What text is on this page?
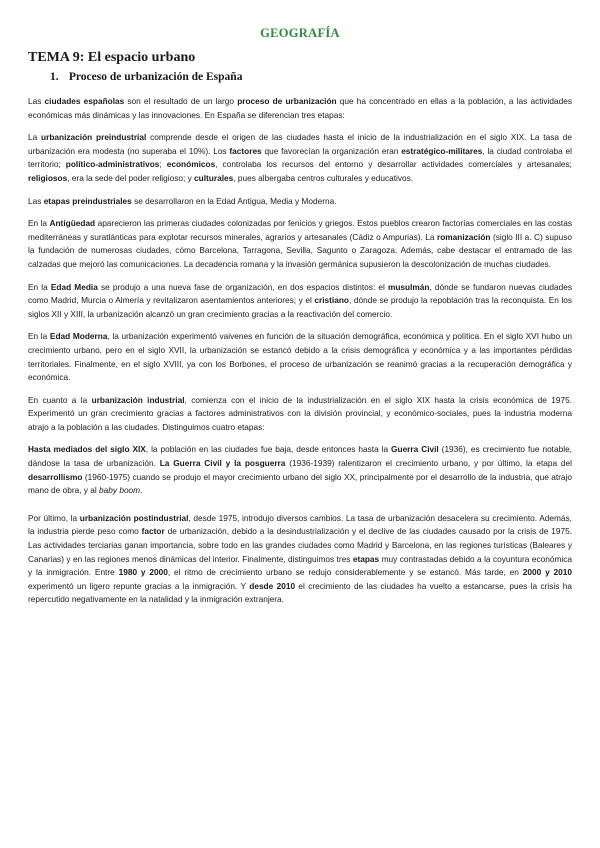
GEOGRAFÍA
TEMA 9: El espacio urbano
1. Proceso de urbanización de España

Las ciudades españolas son el resultado de un largo proceso de urbanización que ha concentrado en ellas a la población, a las actividades económicas más dinámicas y las innovaciones. En España se diferencian tres etapas:

La urbanización preindustrial comprende desde el origen de las ciudades hasta el inicio de la industrialización en el siglo XIX. La tasa de urbanización era modesta (no superaba el 10%). Los factores que favorecían la organización eran estratégico-militares, la ciudad controlaba el territorio; político-administrativos; económicos, controlaba los recursos del entorno y desarrollar actividades comerciales y artesanales; religiosos, era la sede del poder religioso; y culturales, pues albergaba centros culturales y educativos.

Las etapas preindustriales se desarrollaron en la Edad Antigua, Media y Moderna.

En la Antigüedad aparecieron las primeras ciudades colonizadas por fenicios y griegos. Estos pueblos crearon factorías comerciales en las costas mediterráneas y suratlánticas para explotar recursos minerales, agrarios y artesanales (Cádiz o Ampurias). La romanización (siglo III a. C) supuso la fundación de numerosas ciudades, cómo Barcelona, Tarragona, Sevilla, Sagunto o Zaragoza. Además, cabe destacar el entramado de las calzadas que mejoró las comunicaciones. La decadencia romana y la invasión germánica supusieron la descolonización de muchas ciudades.

En la Edad Media se produjo a una nueva fase de organización, en dos espacios distintos: el musulmán, dónde se fundaron nuevas ciudades como Madrid, Murcia o Almería y revitalizaron asentamientos anteriores; y el cristiano, dónde se produjo la repoblación tras la reconquista. En los siglos XII y XIII, la urbanización alcanzó un gran crecimiento gracias a la reactivación del comercio.

En la Edad Moderna, la urbanización experimentó vaivenes en función de la situación demográfica, económica y política. En el siglo XVI hubo un crecimiento urbano, pero en el siglo XVII, la urbanización se estancó debido a la crisis demográfica y económica y a las importantes pérdidas territoriales. Finalmente, en el siglo XVIII, ya con los Borbones, el proceso de urbanización se reanimó gracias a la recuperación demográfica y económica.

En cuanto a la urbanización industrial, comienza con el inicio de la industrialización en el siglo XIX hasta la crisis económica de 1975. Experimentó un gran crecimiento gracias a factores administrativos con la división provincial, y económico-sociales, pues la industria moderna atrajo a la población a las ciudades. Distinguimos cuatro etapas:

Hasta mediados del siglo XIX, la población en las ciudades fue baja, desde entonces hasta la Guerra Civil (1936), es crecimiento fue notable, dándose la tasa de urbanización. La Guerra Civil y la posguerra (1936-1939) ralentizaron el crecimiento urbano, y por último, la etapa del desarrollismo (1960-1975) cuando se produjo el mayor crecimiento urbano del siglo XX, principalmente por el desarrollo de la industria, que atrajo mano de obra, y al baby boom.

Por último, la urbanización postindustrial, desde 1975, introdujo diversos cambios. La tasa de urbanización desacelera su crecimiento. Además, la industria pierde peso como factor de urbanización, debido a la desindustrialización y el declive de las ciudades causado por la crisis de 1975. Las actividades terciarias ganan importancia, sobre todo en las grandes ciudades como Madrid y Barcelona, en las regiones turísticas (Baleares y Canarias) y en las regiones menos dinámicas del interior. Finalmente, distinguimos tres etapas muy contrastadas debido a la coyuntura económica y la inmigración. Entre 1980 y 2000, el ritmo de crecimiento urbano se redujo considerablemente y se estancó. Más tarde, en 2000 y 2010 experimentó un ligero repunte gracias a la inmigración. Y desde 2010 el crecimiento de las ciudades ha vuelto a estancarse, pues la crisis ha repercutido negativamente en la natalidad y la inmigración extranjera.
